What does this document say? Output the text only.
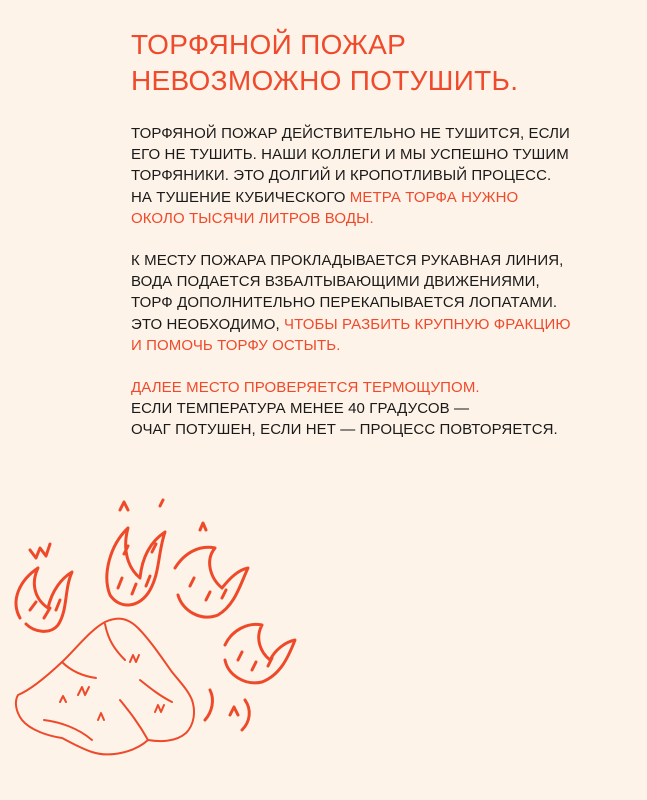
ТОРФЯНОЙ ПОЖАР
НЕВОЗМОЖНО ПОТУШИТЬ.

ТОРФЯНОЙ ПОЖАР ДЕЙСТВИТЕЛЬНО НЕ ТУШИТСЯ, ЕСЛИ
ЕГО НЕ ТУШИТЬ. НАШИ КОЛЛЕГИ И МЫ УСПЕШНО ТУШИМ
ТОРФЯНИКИ. ЭТО ДОЛГИЙ И КРОПОТЛИВЫЙ ПРОЦЕСС.
НА ТУШЕНИЕ КУБИЧЕСКОГО МЕТРА ТОРФА НУЖНО
ОКОЛО ТЫСЯЧИ ЛИТРОВ ВОДЫ.

К МЕСТУ ПОЖАРА ПРОКЛАДЫВАЕТСЯ РУКАВНАЯ ЛИНИЯ,
ВОДА ПОДАЕТСЯ ВЗБАЛТЫВАЮЩИМИ ДВИЖЕНИЯМИ,
ТОРФ ДОПОЛНИТЕЛЬНО ПЕРЕКАПЫВАЕТСЯ ЛОПАТАМИ.
ЭТО НЕОБХОДИМО, ЧТОБЫ РАЗБИТЬ КРУПНУЮ ФРАКЦИЮ
И ПОМОЧЬ ТОРФУ ОСТЫТЬ.

ДАЛЕЕ МЕСТО ПРОВЕРЯЕТСЯ ТЕРМОЩУПОМ.
ЕСЛИ ТЕМПЕРАТУРА МЕНЕЕ 40 ГРАДУСОВ —
ОЧАГ ПОТУШЕН, ЕСЛИ НЕТ — ПРОЦЕСС ПОВТОРЯЕТСЯ.
